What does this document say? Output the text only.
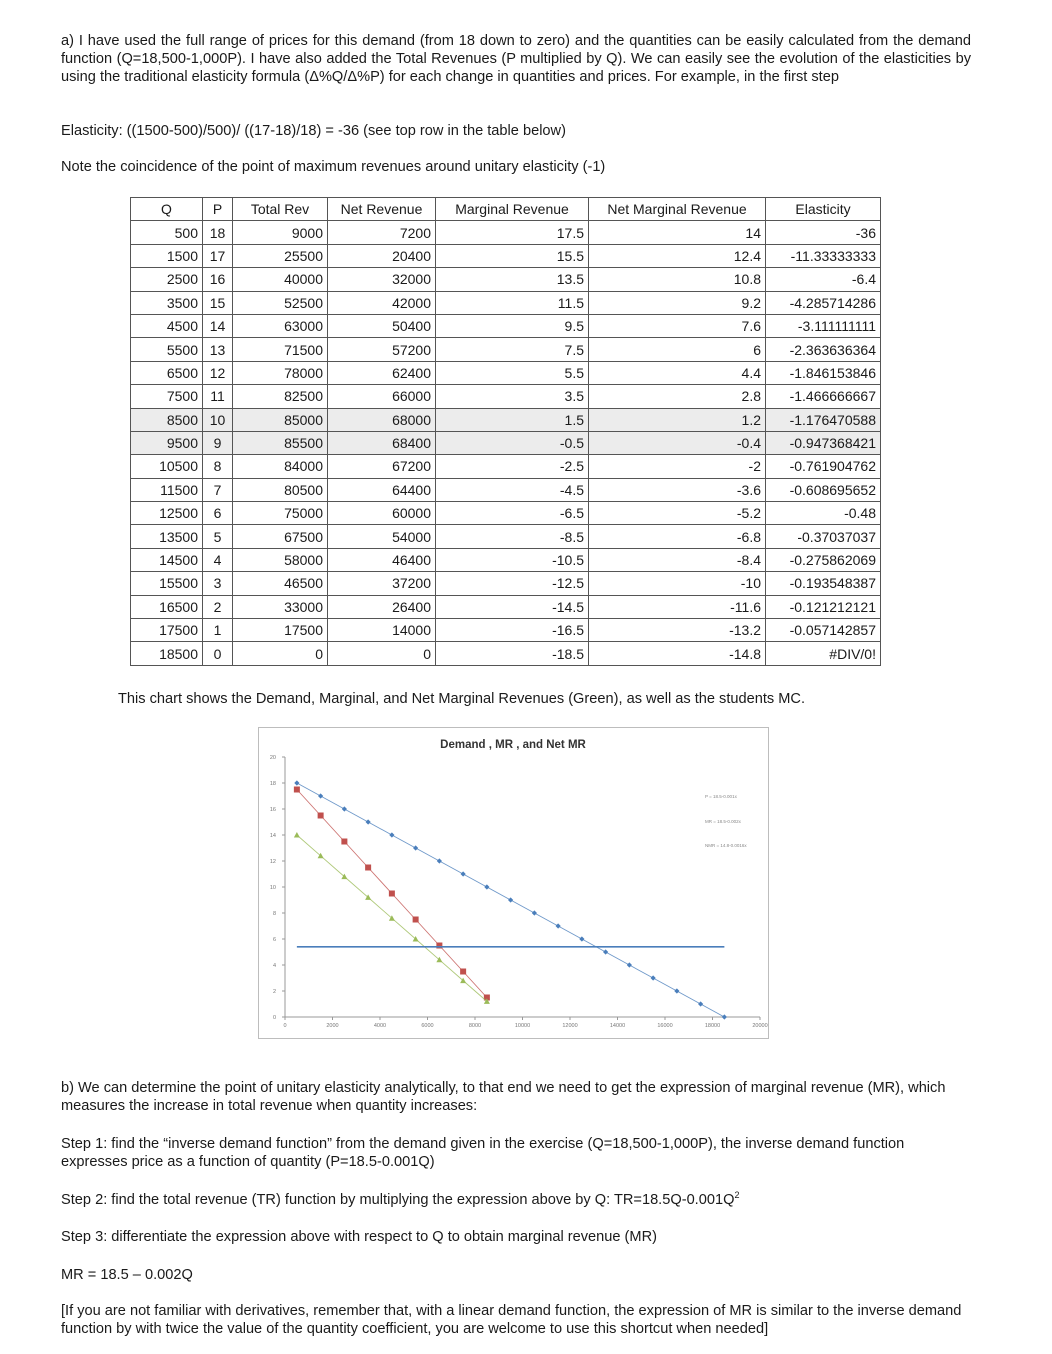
a) I have used the full range of prices for this demand (from 18 down to zero) and the quantities can be easily calculated from the demand function (Q=18,500-1,000P). I have also added the Total Revenues (P multiplied by Q). We can easily see the evolution of the elasticities by using the traditional elasticity formula (Δ%Q/Δ%P) for each change in quantities and prices. For example, in the first step

Elasticity: ((1500-500)/500)/ ((17-18)/18) = -36 (see top row in the table below)

Note the coincidence of the point of maximum revenues around unitary elasticity (-1)

Q	P	Total Rev	Net Revenue	Marginal Revenue	Net Marginal Revenue	Elasticity
500	18	9000	7200	17.5	14	-36
1500	17	25500	20400	15.5	12.4	-11.33333333
2500	16	40000	32000	13.5	10.8	-6.4
3500	15	52500	42000	11.5	9.2	-4.285714286
4500	14	63000	50400	9.5	7.6	-3.111111111
5500	13	71500	57200	7.5	6	-2.363636364
6500	12	78000	62400	5.5	4.4	-1.846153846
7500	11	82500	66000	3.5	2.8	-1.466666667
8500	10	85000	68000	1.5	1.2	-1.176470588
9500	9	85500	68400	-0.5	-0.4	-0.947368421
10500	8	84000	67200	-2.5	-2	-0.761904762
11500	7	80500	64400	-4.5	-3.6	-0.608695652
12500	6	75000	60000	-6.5	-5.2	-0.48
13500	5	67500	54000	-8.5	-6.8	-0.37037037
14500	4	58000	46400	-10.5	-8.4	-0.275862069
15500	3	46500	37200	-12.5	-10	-0.193548387
16500	2	33000	26400	-14.5	-11.6	-0.121212121
17500	1	17500	14000	-16.5	-13.2	-0.057142857
18500	0	0	0	-18.5	-14.8	#DIV/0!

This chart shows the Demand, Marginal, and Net Marginal Revenues (Green), as well as the students MC.

Demand , MR , and Net MR
0
2
4
6
8
10
12
14
16
18
20
0	2000	4000	6000	8000	10000	12000	14000	16000	18000	20000
P = 18.5-0.001x
MR = 18.5-0.002x
NMR = 14.8-0.0016x

b) We can determine the point of unitary elasticity analytically, to that end we need to get the expression of marginal revenue (MR), which measures the increase in total revenue when quantity increases:

Step 1: find the “inverse demand function” from the demand given in the exercise (Q=18,500-1,000P), the inverse demand function expresses price as a function of quantity (P=18.5-0.001Q)

Step 2: find the total revenue (TR) function by multiplying the expression above by Q: $TR=18.5Q-0.001Q^2$

Step 3: differentiate the expression above with respect to Q to obtain marginal revenue (MR)

MR = 18.5 – 0.002Q

[If you are not familiar with derivatives, remember that, with a linear demand function, the expression of MR is similar to the inverse demand function by with twice the value of the quantity coefficient, you are welcome to use this shortcut when needed]
